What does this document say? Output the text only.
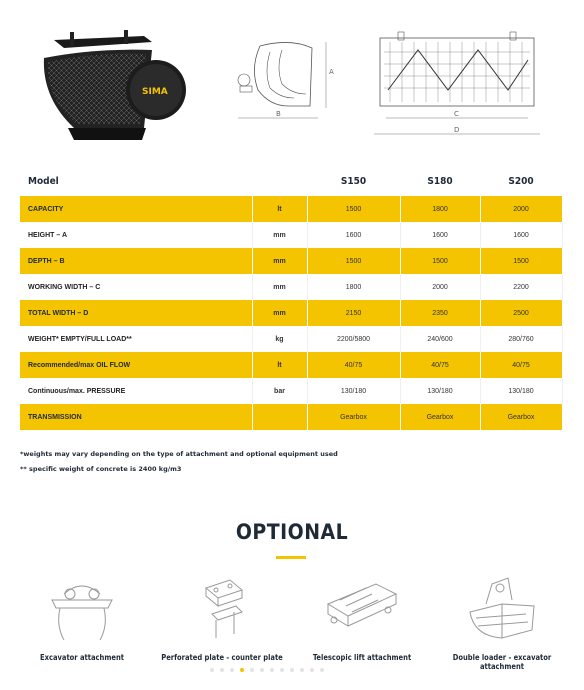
SIMA
A
B	C
D
Model		S150	S180	S200
CAPACITY	lt	1500	1800	2000
HEIGHT – A	mm	1600	1600	1600
DEPTH – B	mm	1500	1500	1500
WORKING WIDTH – C	mm	1800	2000	2200
TOTAL WIDTH – D	mm	2150	2350	2500
WEIGHT* EMPTY/FULL LOAD**	kg	2200/5800	240/600	280/760
Recommended/max OIL FLOW	lt	40/75	40/75	40/75
Continuous/max. PRESSURE	bar	130/180	130/180	130/180
TRANSMISSION		Gearbox	Gearbox	Gearbox
*weights may vary depending on the type of attachment and optional equipment used
** specific weight of concrete is 2400 kg/m3
OPTIONAL
Excavator attachment	Perforated plate - counter plate	Telescopic lift attachment	Double loader - excavator attachment
